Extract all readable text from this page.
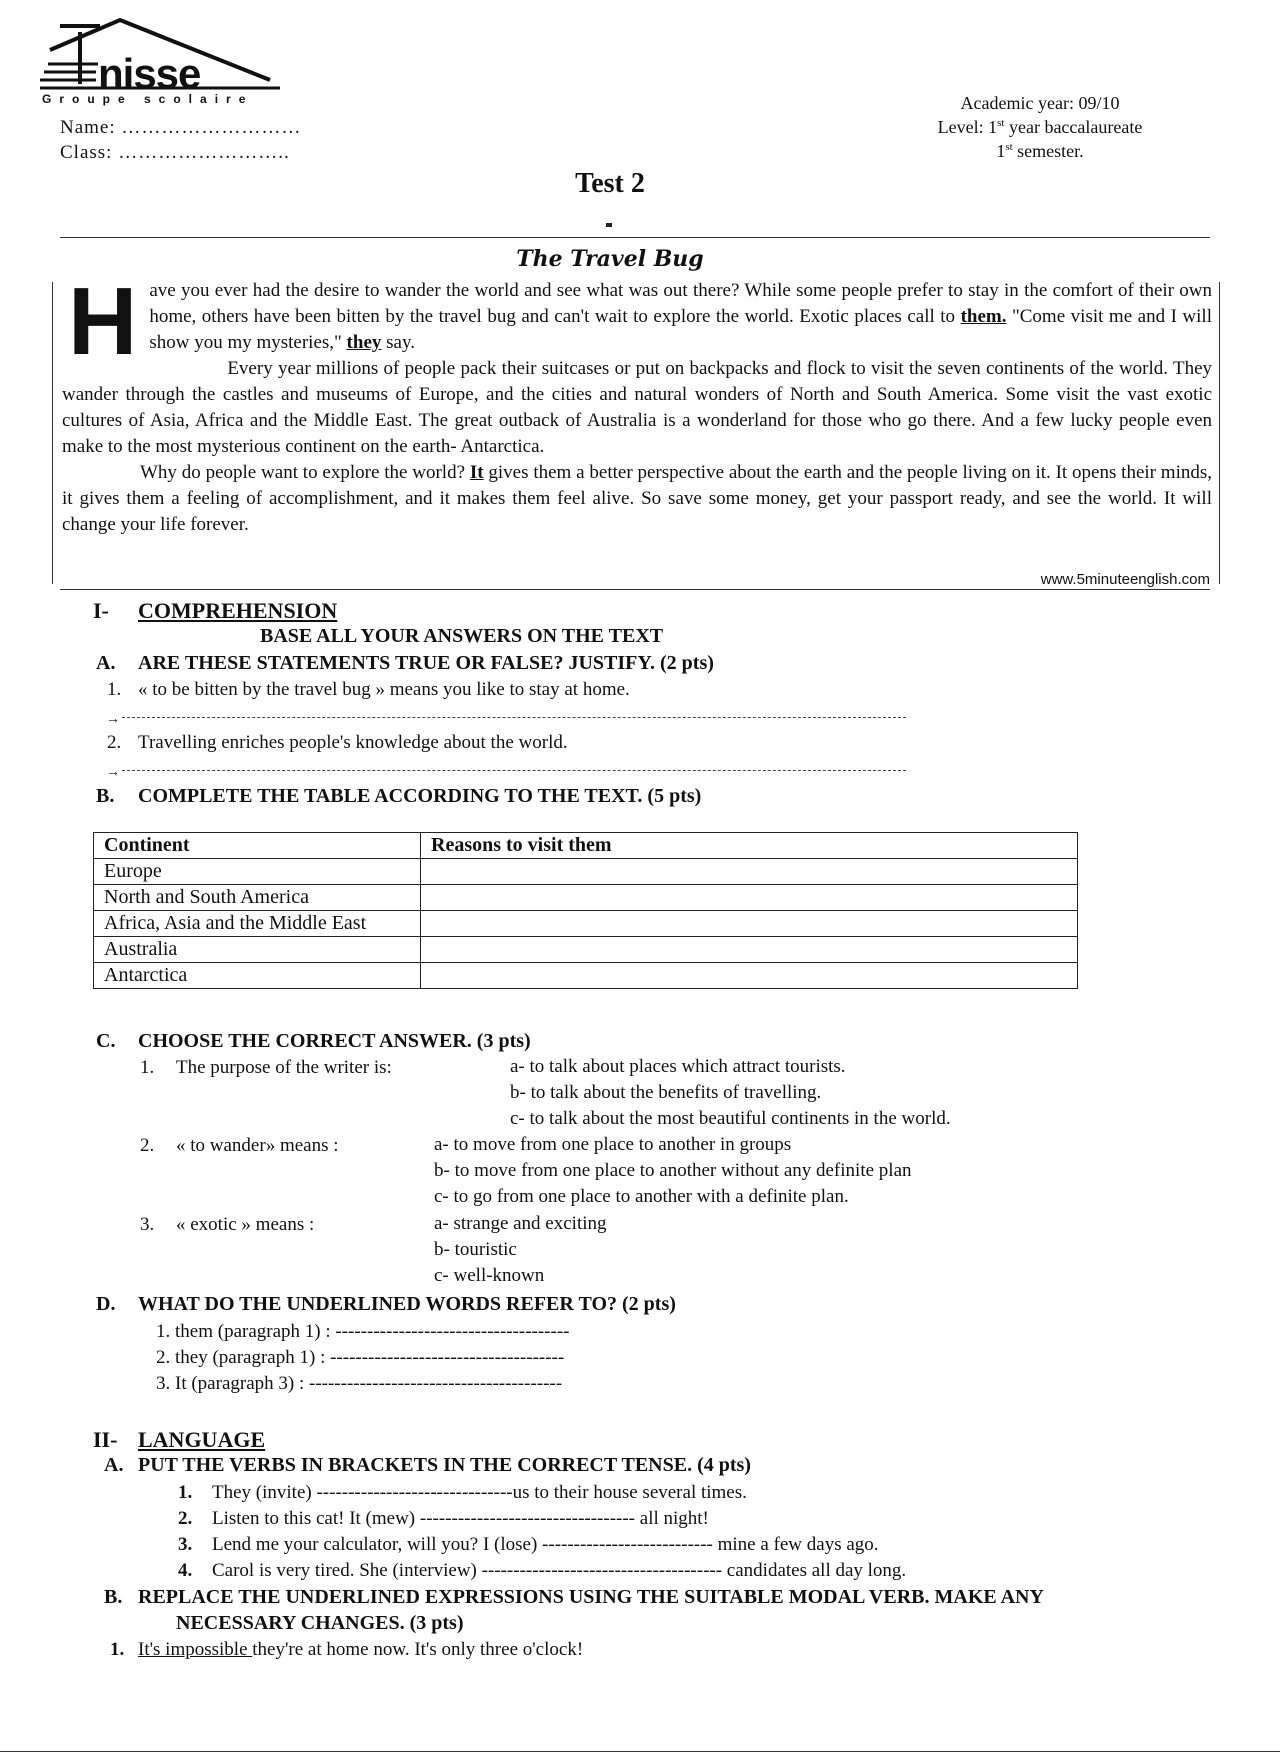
nisse
Groupe scolaire
Name: ………………………
Class: ……………………..
Academic year: 09/10
Level: 1st year baccalaureate
1st semester.
Test 2
The Travel Bug

H ave you ever had the desire to wander the world and see what was out there? While some people prefer to stay in the comfort of their own home, others have been bitten by the travel bug and can't wait to explore the world. Exotic places call to them. "Come visit me and I will show you my mysteries," they say.

Every year millions of people pack their suitcases or put on backpacks and flock to visit the seven continents of the world. They wander through the castles and museums of Europe, and the cities and natural wonders of North and South America. Some visit the vast exotic cultures of Asia, Africa and the Middle East. The great outback of Australia is a wonderland for those who go there. And a few lucky people even make to the most mysterious continent on the earth- Antarctica.

Why do people want to explore the world? It gives them a better perspective about the earth and the people living on it. It opens their minds, it gives them a feeling of accomplishment, and it makes them feel alive. So save some money, get your passport ready, and see the world. It will change your life forever.

www.5minuteenglish.com
I- COMPREHENSION
BASE ALL YOUR ANSWERS ON THE TEXT
A. ARE THESE STATEMENTS TRUE OR FALSE? JUSTIFY. (2 pts)
1. « to be bitten by the travel bug » means you like to stay at home.
→
2. Travelling enriches people's knowledge about the world.
→
B. COMPLETE THE TABLE ACCORDING TO THE TEXT. (5 pts)
Continent	Reasons to visit them
Europe	
North and South America	
Africa, Asia and the Middle East	
Australia	
Antarctica	
C. CHOOSE THE CORRECT ANSWER. (3 pts)
1. The purpose of the writer is:	a- to talk about places which attract tourists.
b- to talk about the benefits of travelling.
c- to talk about the most beautiful continents in the world.
2. « to wander» means :	a- to move from one place to another in groups
b- to move from one place to another without any definite plan
c- to go from one place to another with a definite plan.
3. « exotic » means :	a- strange and exciting
b- touristic
c- well-known
D. WHAT DO THE UNDERLINED WORDS REFER TO? (2 pts)
1. them (paragraph 1) : -------------------------------------
2. they (paragraph 1) : -------------------------------------
3. It (paragraph 3) : ----------------------------------------
II- LANGUAGE
A. PUT THE VERBS IN BRACKETS IN THE CORRECT TENSE. (4 pts)
1. They (invite) -------------------------------us to their house several times.
2. Listen to this cat! It (mew) ---------------------------------- all night!
3. Lend me your calculator, will you? I (lose) --------------------------- mine a few days ago.
4. Carol is very tired. She (interview) -------------------------------------- candidates all day long.
B. REPLACE THE UNDERLINED EXPRESSIONS USING THE SUITABLE MODAL VERB. MAKE ANY
NECESSARY CHANGES. (3 pts)
1. It's impossible they're at home now. It's only three o'clock!
